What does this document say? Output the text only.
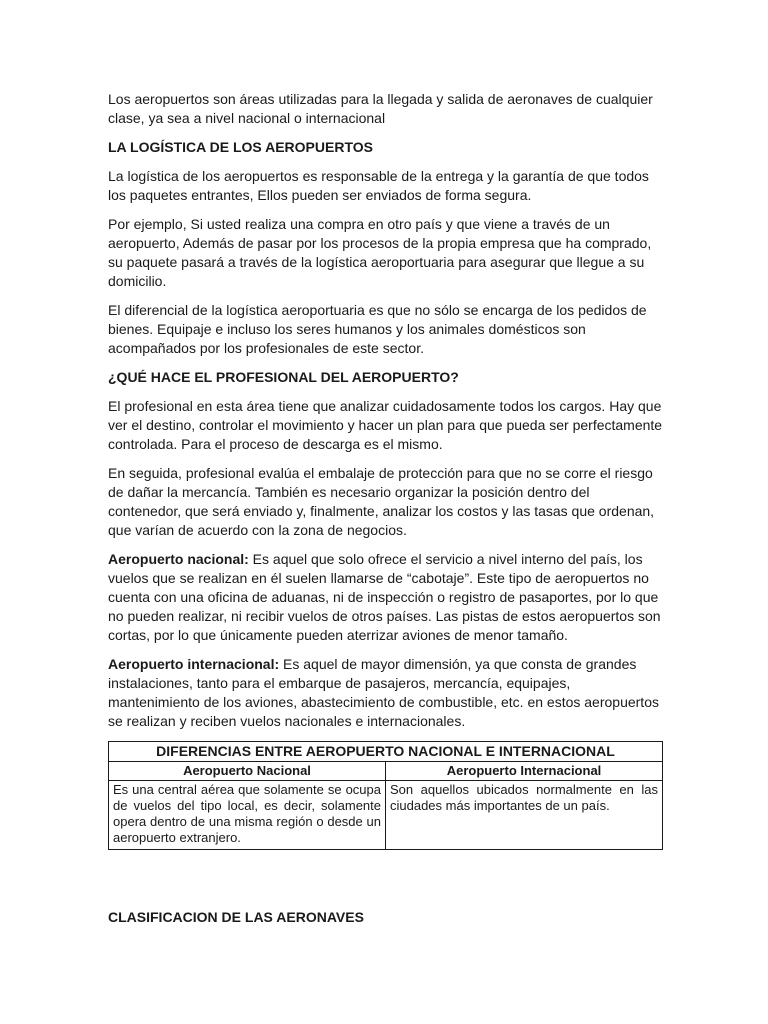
Los aeropuertos son áreas utilizadas para la llegada y salida de aeronaves de cualquier clase, ya sea a nivel nacional o internacional

LA LOGÍSTICA DE LOS AEROPUERTOS

La logística de los aeropuertos es responsable de la entrega y la garantía de que todos los paquetes entrantes, Ellos pueden ser enviados de forma segura.

Por ejemplo, Si usted realiza una compra en otro país y que viene a través de un aeropuerto, Además de pasar por los procesos de la propia empresa que ha comprado, su paquete pasará a través de la logística aeroportuaria para asegurar que llegue a su domicilio.

El diferencial de la logística aeroportuaria es que no sólo se encarga de los pedidos de bienes. Equipaje e incluso los seres humanos y los animales domésticos son acompañados por los profesionales de este sector.

¿QUÉ HACE EL PROFESIONAL DEL AEROPUERTO?

El profesional en esta área tiene que analizar cuidadosamente todos los cargos. Hay que ver el destino, controlar el movimiento y hacer un plan para que pueda ser perfectamente controlada. Para el proceso de descarga es el mismo.

En seguida, profesional evalúa el embalaje de protección para que no se corre el riesgo de dañar la mercancía. También es necesario organizar la posición dentro del contenedor, que será enviado y, finalmente, analizar los costos y las tasas que ordenan, que varían de acuerdo con la zona de negocios.

Aeropuerto nacional: Es aquel que solo ofrece el servicio a nivel interno del país, los vuelos que se realizan en él suelen llamarse de “cabotaje”. Este tipo de aeropuertos no cuenta con una oficina de aduanas, ni de inspección o registro de pasaportes, por lo que no pueden realizar, ni recibir vuelos de otros países. Las pistas de estos aeropuertos son cortas, por lo que únicamente pueden aterrizar aviones de menor tamaño.

Aeropuerto internacional: Es aquel de mayor dimensión, ya que consta de grandes instalaciones, tanto para el embarque de pasajeros, mercancía, equipajes, mantenimiento de los aviones, abastecimiento de combustible, etc. en estos aeropuertos se realizan y reciben vuelos nacionales e internacionales.

DIFERENCIAS ENTRE AEROPUERTO NACIONAL E INTERNACIONAL	
Aeropuerto Nacional	Aeropuerto Internacional
Es una central aérea que solamente se ocupa de vuelos del tipo local, es decir, solamente opera dentro de una misma región o desde un aeropuerto extranjero.	Son aquellos ubicados normalmente en las ciudades más importantes de un país.
CLASIFICACION DE LAS AERONAVES
